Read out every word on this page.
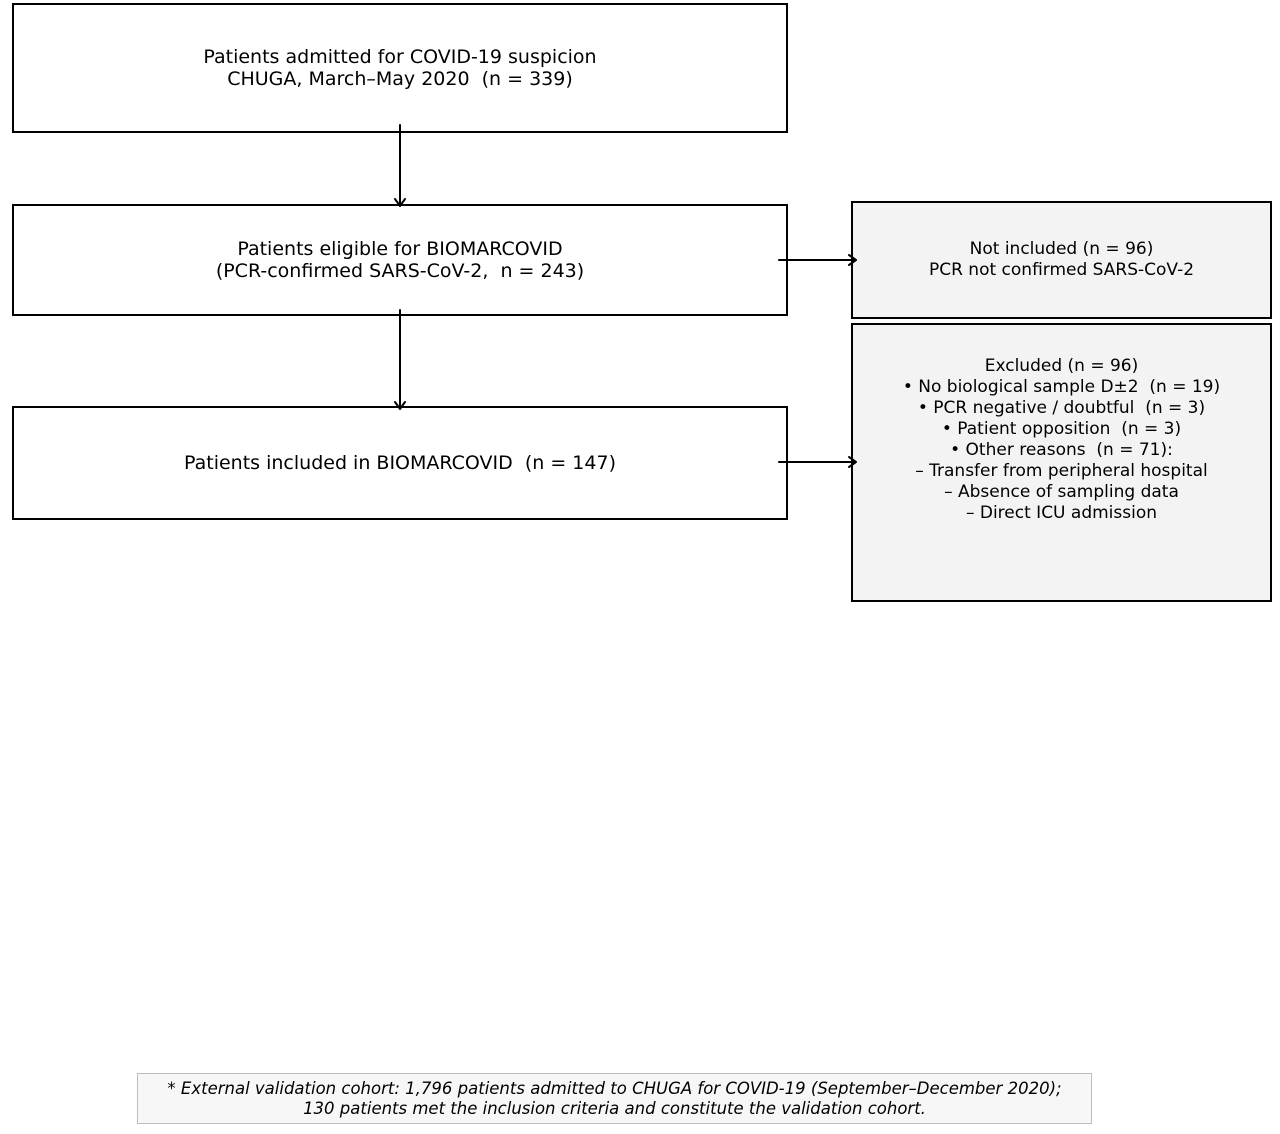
Patients admitted for COVID-19 suspicion
CHUGA, March–May 2020  (n = 339)
Patients eligible for BIOMARCOVID
(PCR-confirmed SARS-CoV-2,  n = 243)
Patients included in BIOMARCOVID  (n = 147)
Not included (n = 96)
PCR not confirmed SARS-CoV-2
Excluded (n = 96)
• No biological sample D±2  (n = 19)
• PCR negative / doubtful  (n = 3)
• Patient opposition  (n = 3)
• Other reasons  (n = 71):
– Transfer from peripheral hospital
– Absence of sampling data
– Direct ICU admission
* External validation cohort: 1,796 patients admitted to CHUGA for COVID-19 (September–December 2020);
130 patients met the inclusion criteria and constitute the validation cohort.
